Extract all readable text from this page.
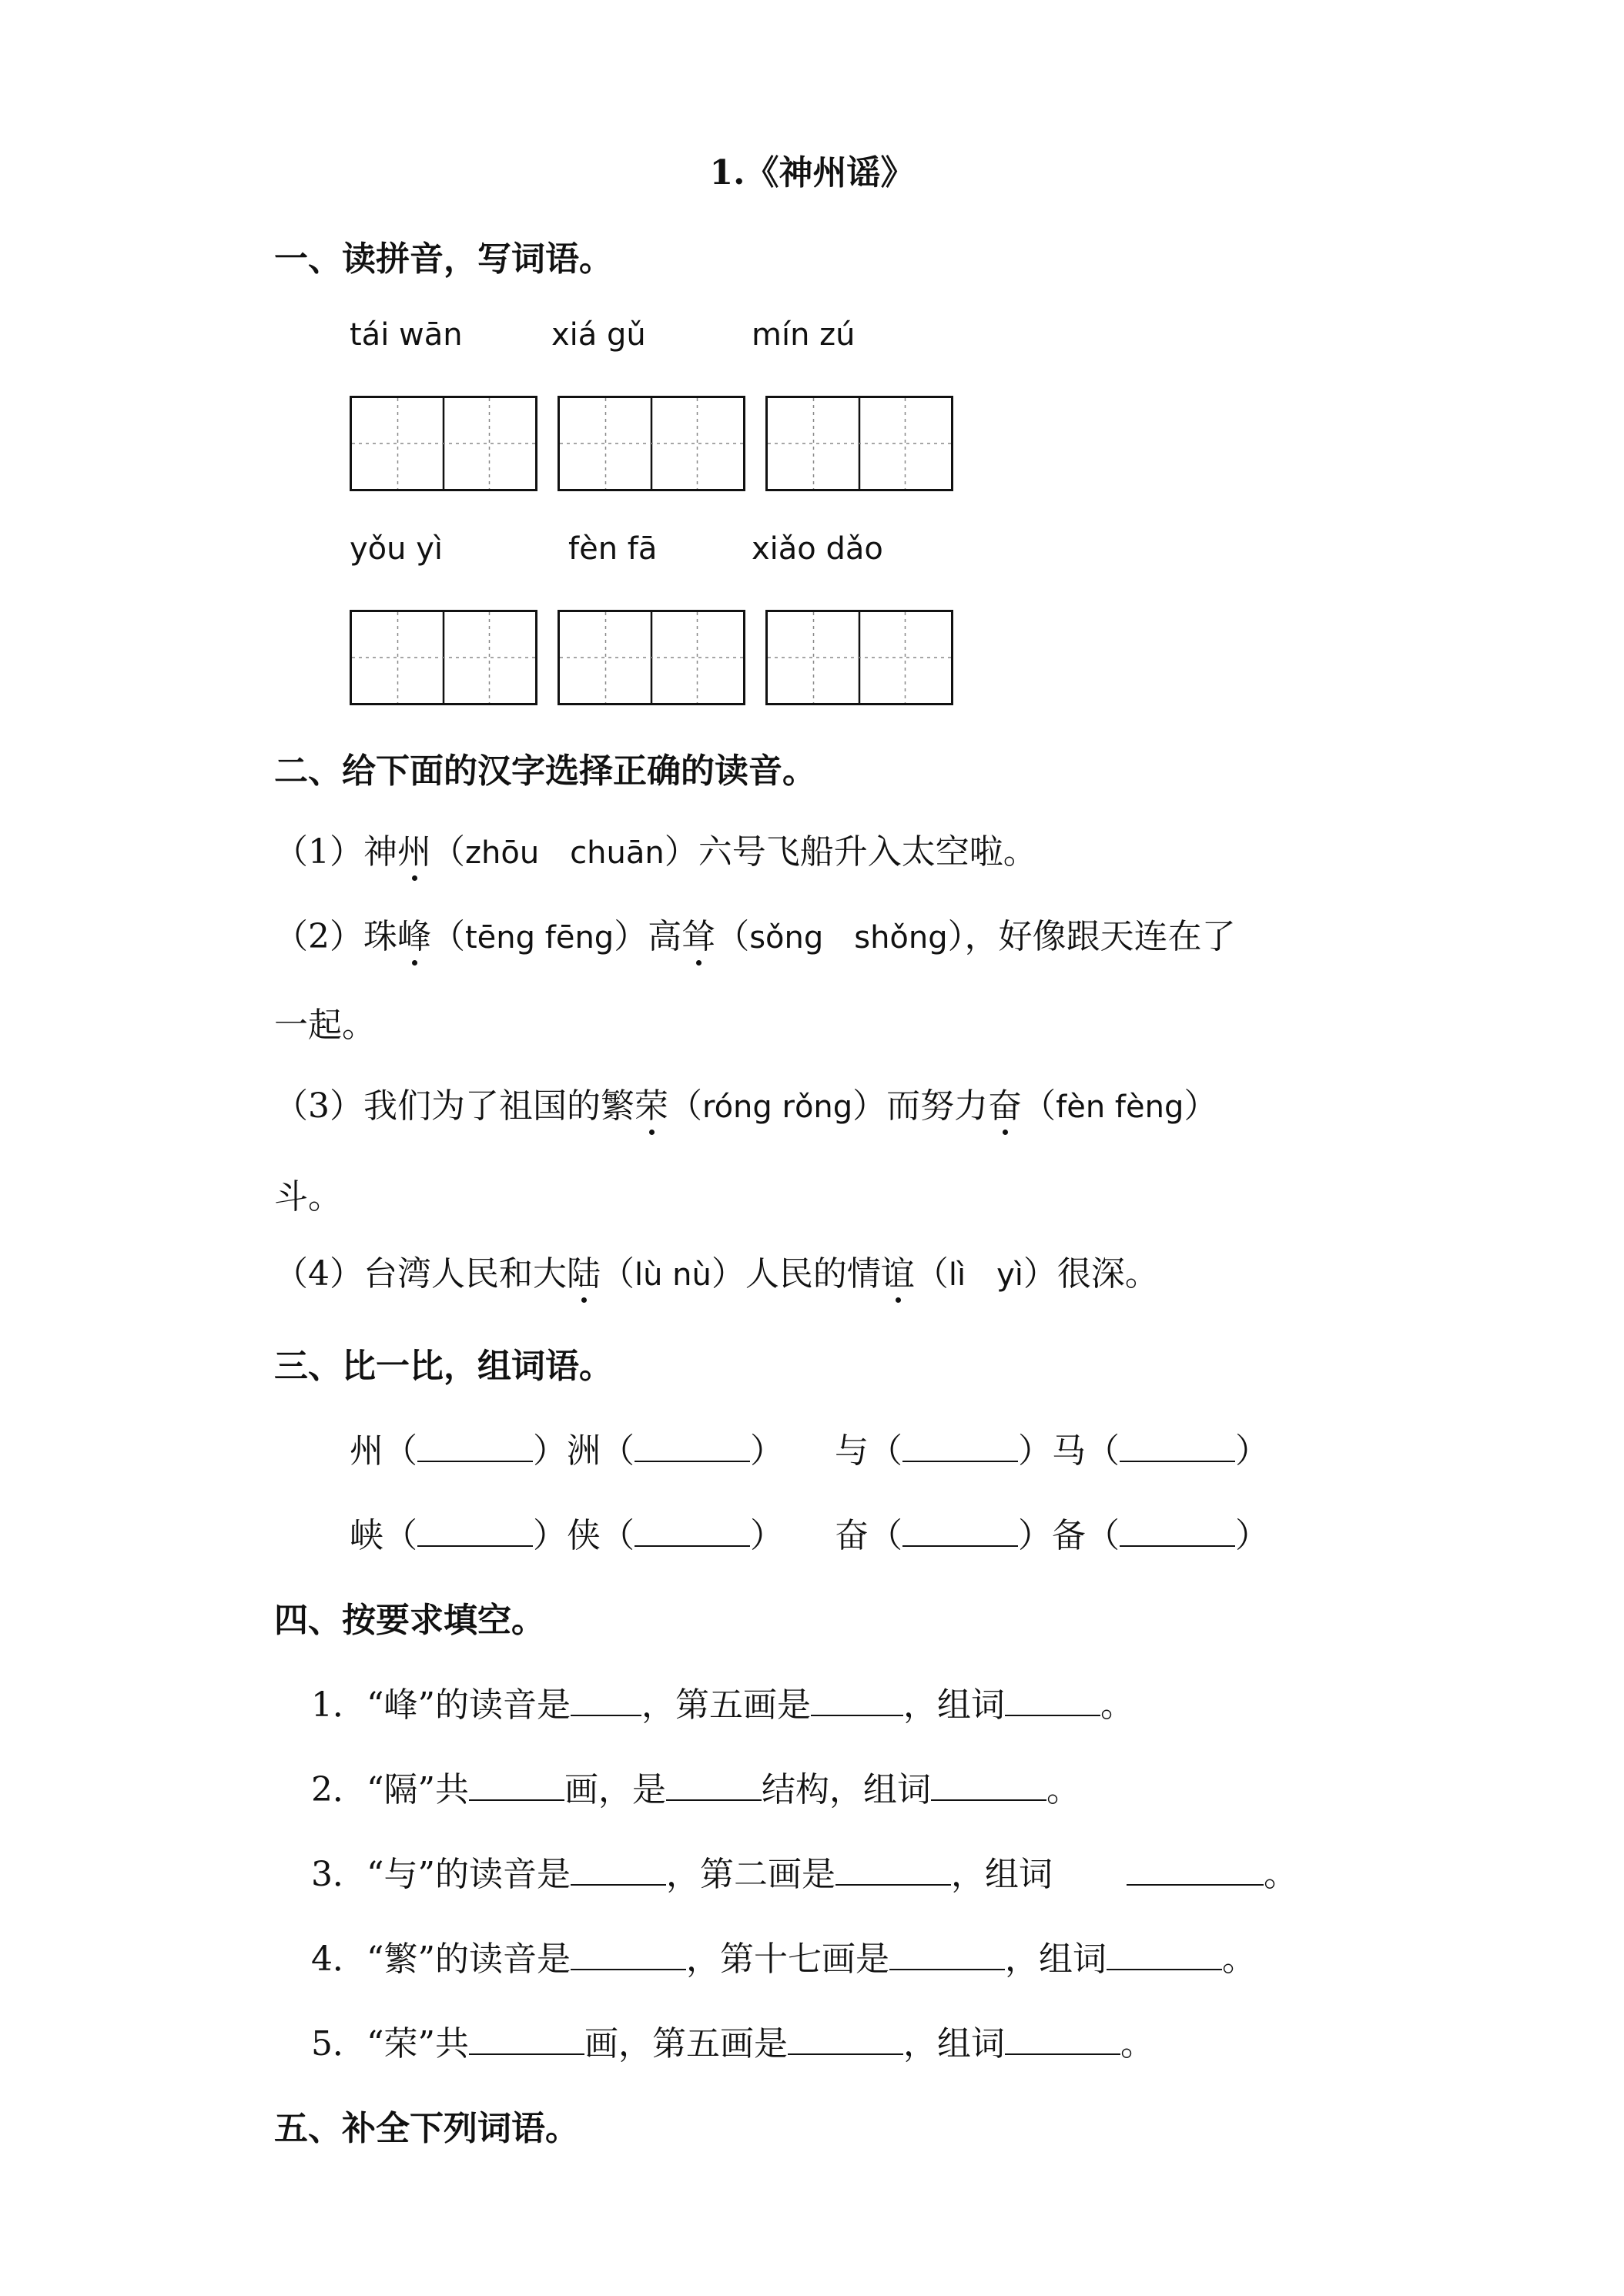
1.《神州谣》
一、读拼音，写词语。
tái wān	xiá gǔ	mín zú
yǒu yì	fèn fā	xiǎo dǎo
二、给下面的汉字选择正确的读音。
（1）神州（zhōu　chuān）六号飞船升入太空啦。
（2）珠峰（tēng fēng）高耸（sǒng　shǒng），好像跟天连在了
一起。
（3）我们为了祖国的繁荣（róng rǒng）而努力奋（fèn fèng）
斗。
（4）台湾人民和大陆（lù nù）人民的情谊（lì　yì）很深。
三、比一比，组词语。
州（	）洲（	） 与（	）马（	）
峡（	）侠（	） 奋（	）备（	）
四、按要求填空。
1．“峰”的读音是 ，第五画是	，组词	。
2．“隔”共	画，是	结构，组词	。
3．“与”的读音是	，第二画是	，组词	。
4．“繁”的读音是	，第十七画是	，组词	。
5．“荣”共	画，第五画是	，组词	。
五、补全下列词语。
